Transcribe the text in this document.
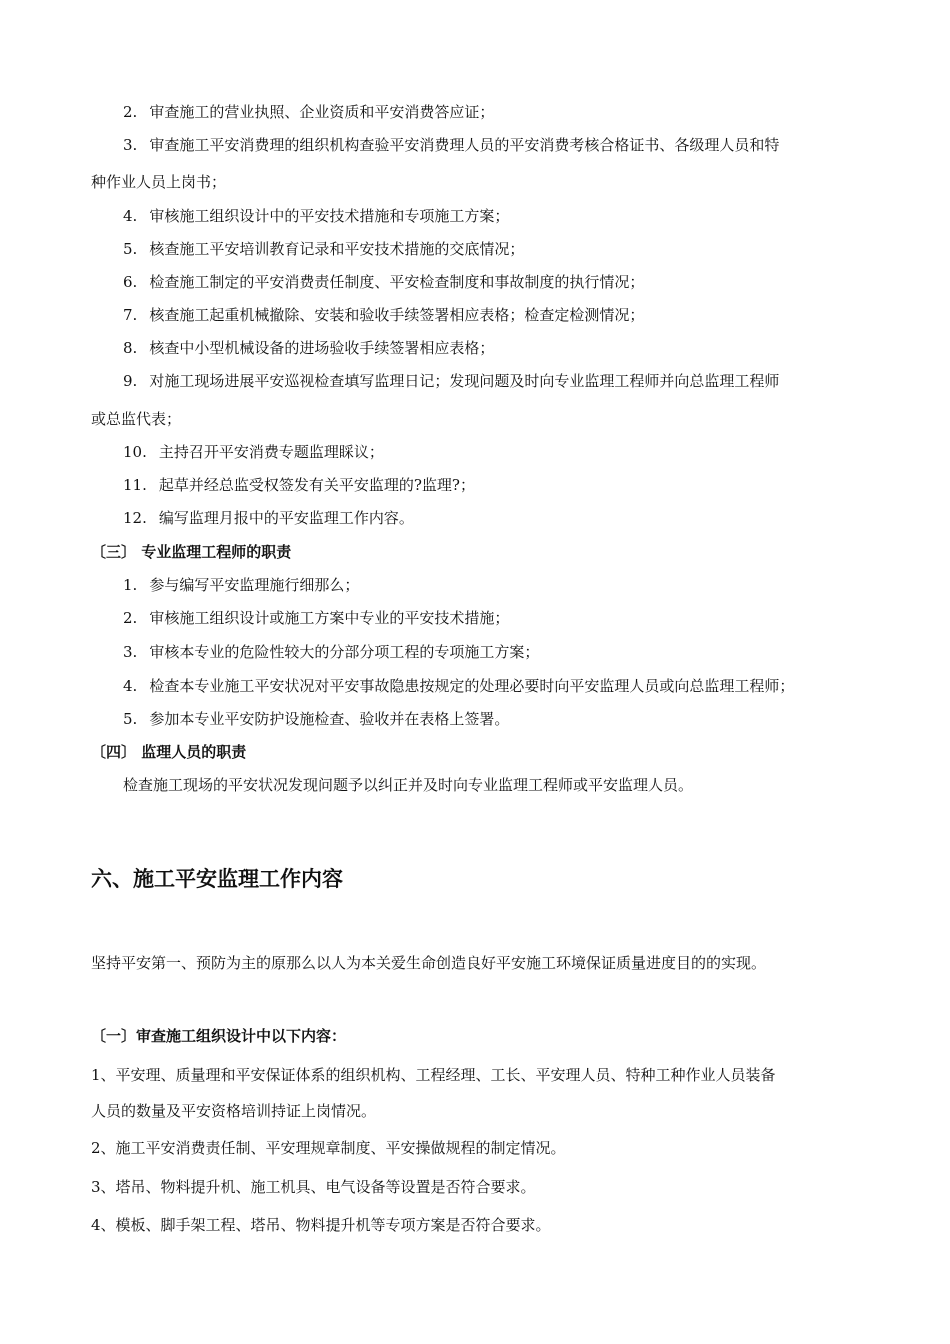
2. 审查施工的营业执照、企业资质和平安消费答应证；
3. 审查施工平安消费理的组织机构查验平安消费理人员的平安消费考核合格证书、各级理人员和特
种作业人员上岗书；
4. 审核施工组织设计中的平安技术措施和专项施工方案；
5. 核查施工平安培训教育记录和平安技术措施的交底情况；
6. 检查施工制定的平安消费责任制度、平安检查制度和事故制度的执行情况；
7. 核查施工起重机械撤除、安装和验收手续签署相应表格；检查定检测情况；
8. 核查中小型机械设备的进场验收手续签署相应表格；
9. 对施工现场进展平安巡视检查填写监理日记；发现问题及时向专业监理工程师并向总监理工程师
或总监代表；
10. 主持召开平安消费专题监理睬议；
11. 起草并经总监受权签发有关平安监理的?监理?；
12. 编写监理月报中的平安监理工作内容。
〔三〕 专业监理工程师的职责
1. 参与编写平安监理施行细那么；
2. 审核施工组织设计或施工方案中专业的平安技术措施；
3. 审核本专业的危险性较大的分部分项工程的专项施工方案；
4. 检查本专业施工平安状况对平安事故隐患按规定的处理必要时向平安监理人员或向总监理工程师；
5. 参加本专业平安防护设施检查、验收并在表格上签署。
〔四〕 监理人员的职责
检查施工现场的平安状况发现问题予以纠正并及时向专业监理工程师或平安监理人员。
六、施工平安监理工作内容
坚持平安第一、预防为主的原那么以人为本关爱生命创造良好平安施工环境保证质量进度目的的实现。
〔一〕审查施工组织设计中以下内容：
1、平安理、质量理和平安保证体系的组织机构、工程经理、工长、平安理人员、特种工种作业人员装备
人员的数量及平安资格培训持证上岗情况。
2、施工平安消费责任制、平安理规章制度、平安操做规程的制定情况。
3、塔吊、物料提升机、施工机具、电气设备等设置是否符合要求。
4、模板、脚手架工程、塔吊、物料提升机等专项方案是否符合要求。
